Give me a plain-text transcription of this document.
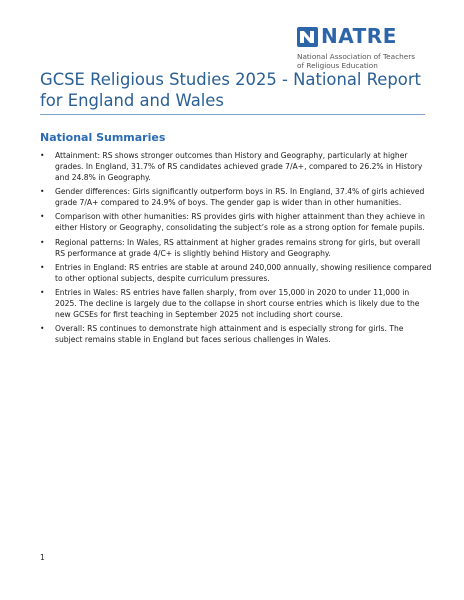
NATRE
National Association of Teachers
of Religious Education
GCSE Religious Studies 2025 - National Report for England and Wales
National Summaries
• Attainment: RS shows stronger outcomes than History and Geography, particularly at higher grades. In England, 31.7% of RS candidates achieved grade 7/A+, compared to 26.2% in History and 24.8% in Geography.
• Gender differences: Girls significantly outperform boys in RS. In England, 37.4% of girls achieved grade 7/A+ compared to 24.9% of boys. The gender gap is wider than in other humanities.
• Comparison with other humanities: RS provides girls with higher attainment than they achieve in either History or Geography, consolidating the subject’s role as a strong option for female pupils.
• Regional patterns: In Wales, RS attainment at higher grades remains strong for girls, but overall RS performance at grade 4/C+ is slightly behind History and Geography.
• Entries in England: RS entries are stable at around 240,000 annually, showing resilience compared to other optional subjects, despite curriculum pressures.
• Entries in Wales: RS entries have fallen sharply, from over 15,000 in 2020 to under 11,000 in 2025. The decline is largely due to the collapse in short course entries which is likely due to the new GCSEs for first teaching in September 2025 not including short course.
• Overall: RS continues to demonstrate high attainment and is especially strong for girls. The subject remains stable in England but faces serious challenges in Wales.
1
